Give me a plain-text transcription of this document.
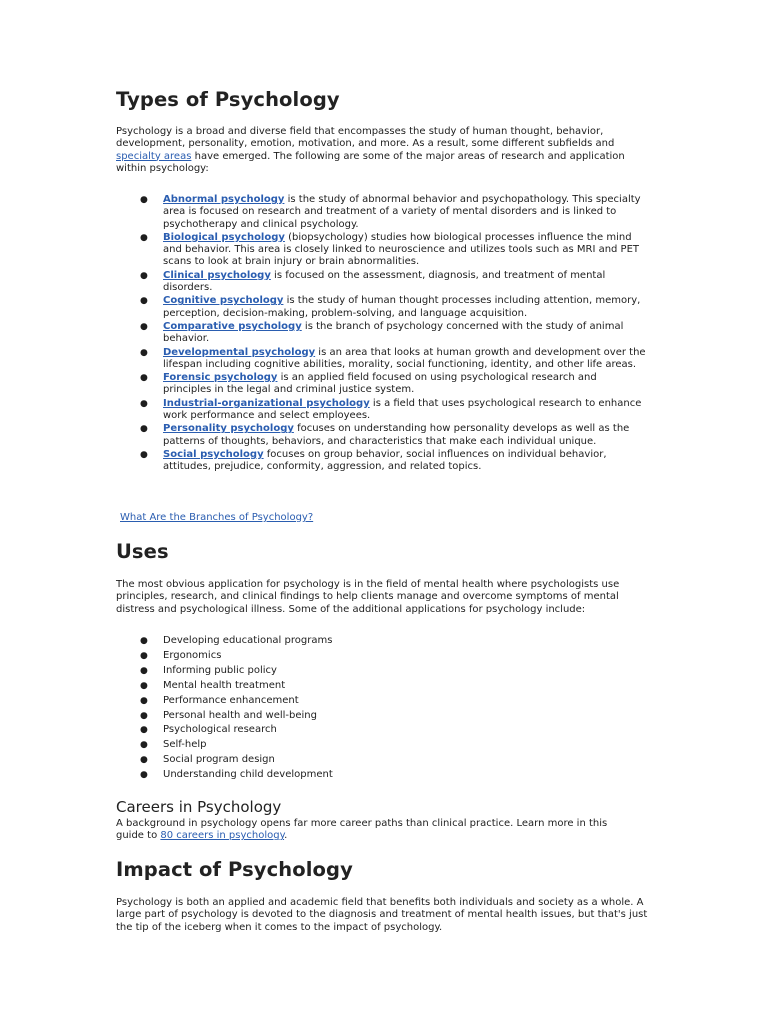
Types of Psychology

Psychology is a broad and diverse field that encompasses the study of human thought, behavior, development, personality, emotion, motivation, and more. As a result, some different subfields and specialty areas have emerged. The following are some of the major areas of research and application within psychology:

● Abnormal psychology is the study of abnormal behavior and psychopathology. This specialty area is focused on research and treatment of a variety of mental disorders and is linked to psychotherapy and clinical psychology.
● Biological psychology (biopsychology) studies how biological processes influence the mind and behavior. This area is closely linked to neuroscience and utilizes tools such as MRI and PET scans to look at brain injury or brain abnormalities.
● Clinical psychology is focused on the assessment, diagnosis, and treatment of mental disorders.
● Cognitive psychology is the study of human thought processes including attention, memory, perception, decision-making, problem-solving, and language acquisition.
● Comparative psychology is the branch of psychology concerned with the study of animal behavior.
● Developmental psychology is an area that looks at human growth and development over the lifespan including cognitive abilities, morality, social functioning, identity, and other life areas.
● Forensic psychology is an applied field focused on using psychological research and principles in the legal and criminal justice system.
● Industrial-organizational psychology is a field that uses psychological research to enhance work performance and select employees.
● Personality psychology focuses on understanding how personality develops as well as the patterns of thoughts, behaviors, and characteristics that make each individual unique.
● Social psychology focuses on group behavior, social influences on individual behavior, attitudes, prejudice, conformity, aggression, and related topics.
What Are the Branches of Psychology?
Uses

The most obvious application for psychology is in the field of mental health where psychologists use principles, research, and clinical findings to help clients manage and overcome symptoms of mental distress and psychological illness. Some of the additional applications for psychology include:

● Developing educational programs
● Ergonomics
● Informing public policy
● Mental health treatment
● Performance enhancement
● Personal health and well-being
● Psychological research
● Self-help
● Social program design
● Understanding child development
Careers in Psychology

A background in psychology opens far more career paths than clinical practice. Learn more in this guide to 80 careers in psychology.

Impact of Psychology

Psychology is both an applied and academic field that benefits both individuals and society as a whole. A large part of psychology is devoted to the diagnosis and treatment of mental health issues, but that's just the tip of the iceberg when it comes to the impact of psychology.
